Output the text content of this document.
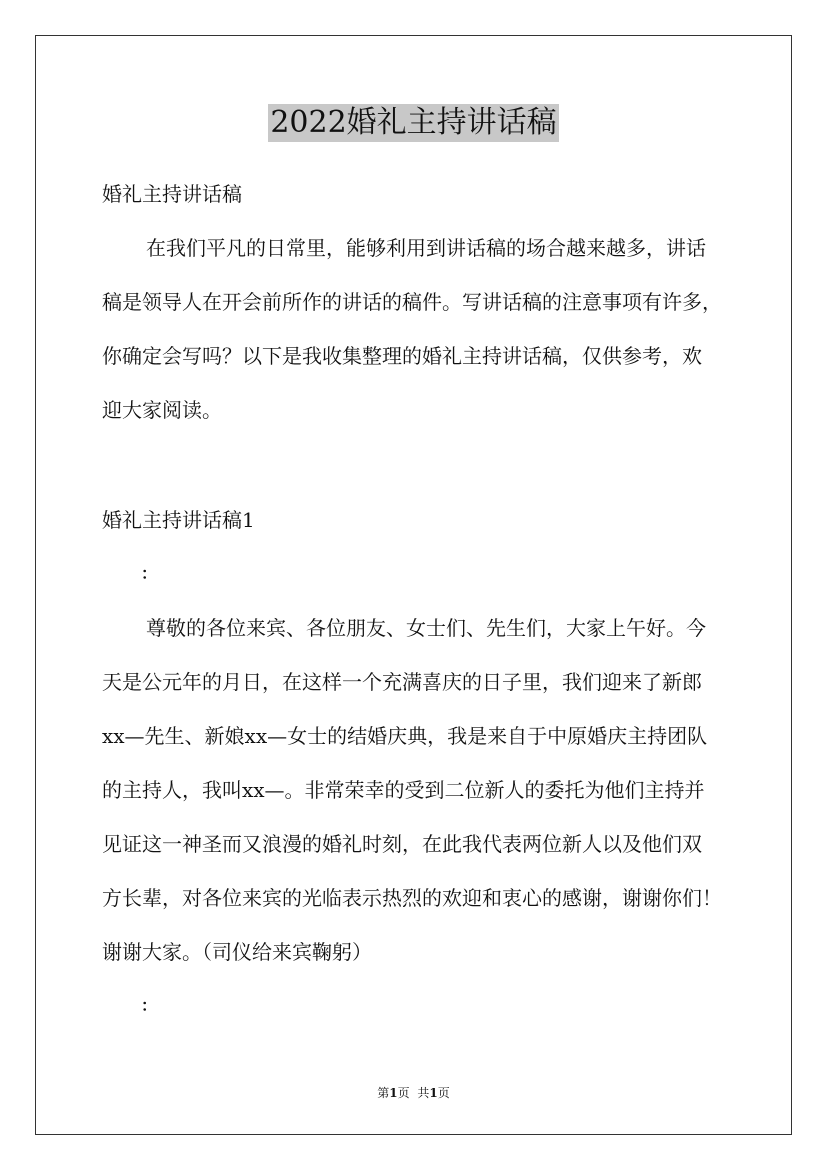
2022婚礼主持讲话稿
婚礼主持讲话稿
在我们平凡的日常里，能够利用到讲话稿的场合越来越多，讲话
稿是领导人在开会前所作的讲话的稿件。写讲话稿的注意事项有许多，
你确定会写吗？以下是我收集整理的婚礼主持讲话稿，仅供参考，欢
迎大家阅读。
婚礼主持讲话稿1
：
尊敬的各位来宾、各位朋友、女士们、先生们，大家上午好。今
天是公元年的月日，在这样一个充满喜庆的日子里，我们迎来了新郎
xx—先生、新娘xx—女士的结婚庆典，我是来自于中原婚庆主持团队
的主持人，我叫xx—。非常荣幸的受到二位新人的委托为他们主持并
见证这一神圣而又浪漫的婚礼时刻，在此我代表两位新人以及他们双
方长辈，对各位来宾的光临表示热烈的欢迎和衷心的感谢，谢谢你们！
谢谢大家。（司仪给来宾鞠躬）
：
第1页 共1页
